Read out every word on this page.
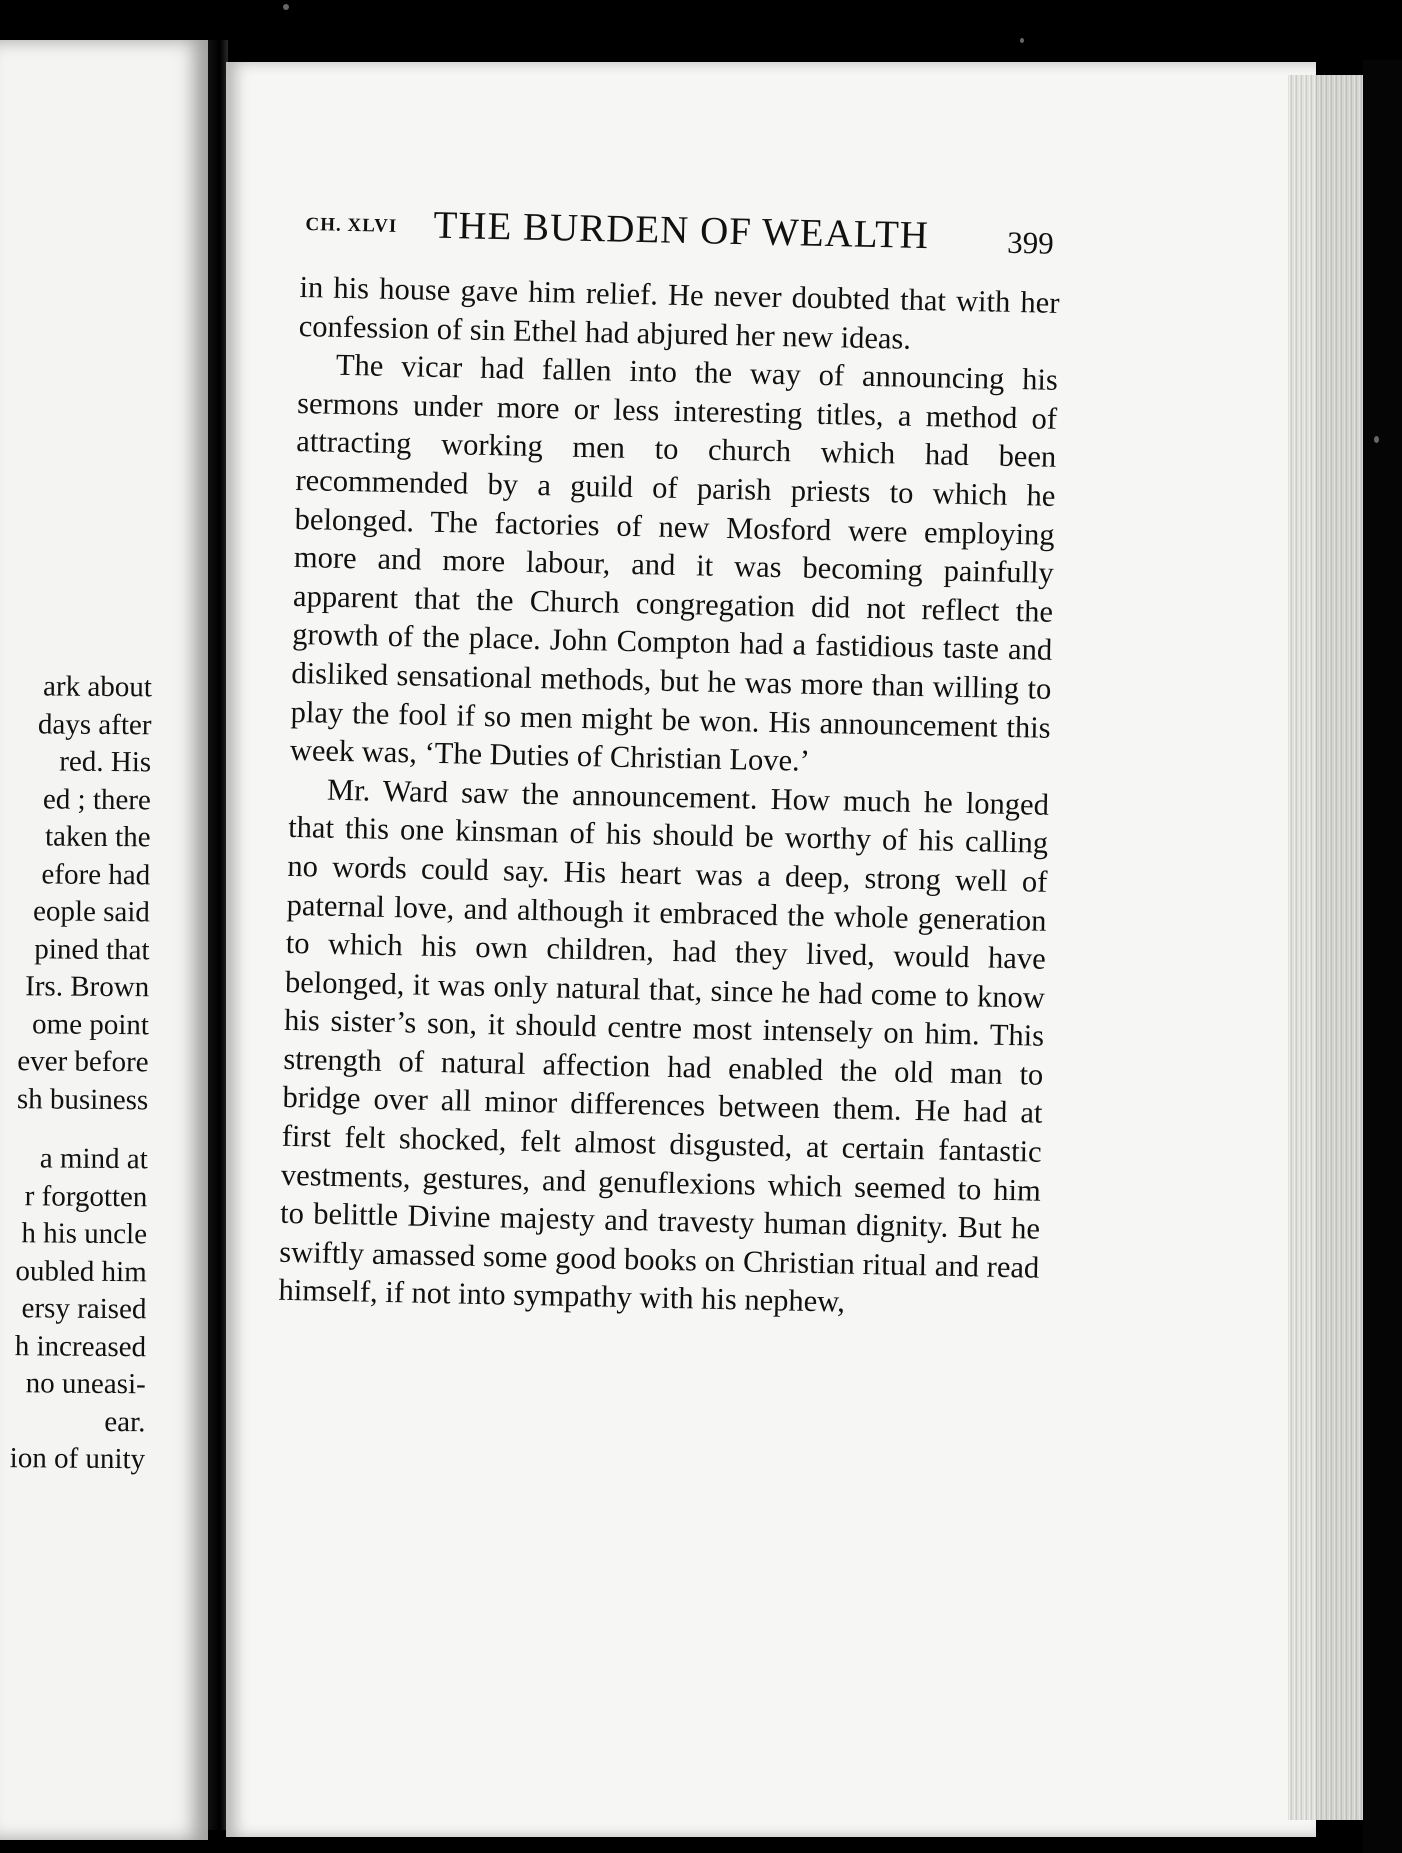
ark about
days after
red. His
ed ; there
taken the
efore had
eople said
pined that
Irs. Brown
ome point
ever before
sh business
a mind at
r forgotten
h his uncle
oubled him
ersy raised
h increased
no uneasi-
ear.
ion of unity
CH. XLVI THE BURDEN OF WEALTH 399

in his house gave him relief. He never doubted that with her confession of sin Ethel had abjured her new ideas.

The vicar had fallen into the way of announcing his sermons under more or less interesting titles, a method of attracting working men to church which had been recommended by a guild of parish priests to which he belonged. The factories of new Mosford were employing more and more labour, and it was becoming painfully apparent that the Church congregation did not reflect the growth of the place. John Compton had a fastidious taste and disliked sensational methods, but he was more than willing to play the fool if so men might be won. His announcement this week was, ‘The Duties of Christian Love.’

Mr. Ward saw the announcement. How much he longed that this one kinsman of his should be worthy of his calling no words could say. His heart was a deep, strong well of paternal love, and although it embraced the whole generation to which his own children, had they lived, would have belonged, it was only natural that, since he had come to know his sister’s son, it should centre most intensely on him. This strength of natural affection had enabled the old man to bridge over all minor differences between them. He had at first felt shocked, felt almost disgusted, at certain fantastic vestments, gestures, and genuflexions which seemed to him to belittle Divine majesty and travesty human dignity. But he swiftly amassed some good books on Christian ritual and read himself, if not into sympathy with his nephew,
